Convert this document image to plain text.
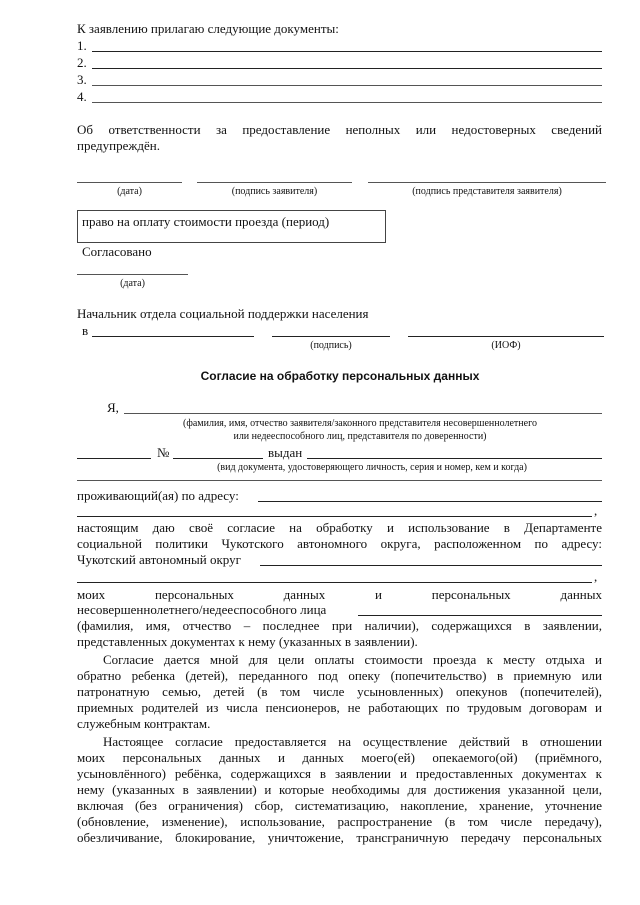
К заявлению прилагаю следующие документы:
1.
2.
3.
4.
Об ответственности за предоставление неполных или недостоверных сведений
предупреждён.
(дата)	(подпись заявителя)	(подпись представителя заявителя)
право на оплату стоимости проезда (период)
Согласовано
(дата)
Начальник отдела социальной поддержки населения
в
(подпись)	(ИОФ)
Согласие на обработку персональных данных
Я,
(фамилия, имя, отчество заявителя/законного представителя несовершеннолетнего
или недееспособного лиц, представителя по доверенности)
№	выдан
(вид документа, удостоверяющего личность, серия и номер, кем и когда)
проживающий(ая) по адресу:
,
настоящим даю своё согласие на обработку и использование в Департаменте
социальной политики Чукотского автономного округа, расположенном по адресу:
Чукотский автономный округ
,
моих персональных данных и персональных данных
несовершеннолетнего/недееспособного лица
(фамилия, имя, отчество – последнее при наличии), содержащихся в заявлении,
представленных документах к нему (указанных в заявлении).
Согласие дается мной для цели оплаты стоимости проезда к месту отдыха и
обратно ребенка (детей), переданного под опеку (попечительство) в приемную или
патронатную семью, детей (в том числе усыновленных) опекунов (попечителей),
приемных родителей из числа пенсионеров, не работающих по трудовым договорам и
служебным контрактам.
Настоящее согласие предоставляется на осуществление действий в отношении
моих персональных данных и данных моего(ей) опекаемого(ой) (приёмного,
усыновлённого) ребёнка, содержащихся в заявлении и предоставленных документах к
нему (указанных в заявлении) и которые необходимы для достижения указанной цели,
включая (без ограничения) сбор, систематизацию, накопление, хранение, уточнение
(обновление, изменение), использование, распространение (в том числе передачу),
обезличивание, блокирование, уничтожение, трансграничную передачу персональных
